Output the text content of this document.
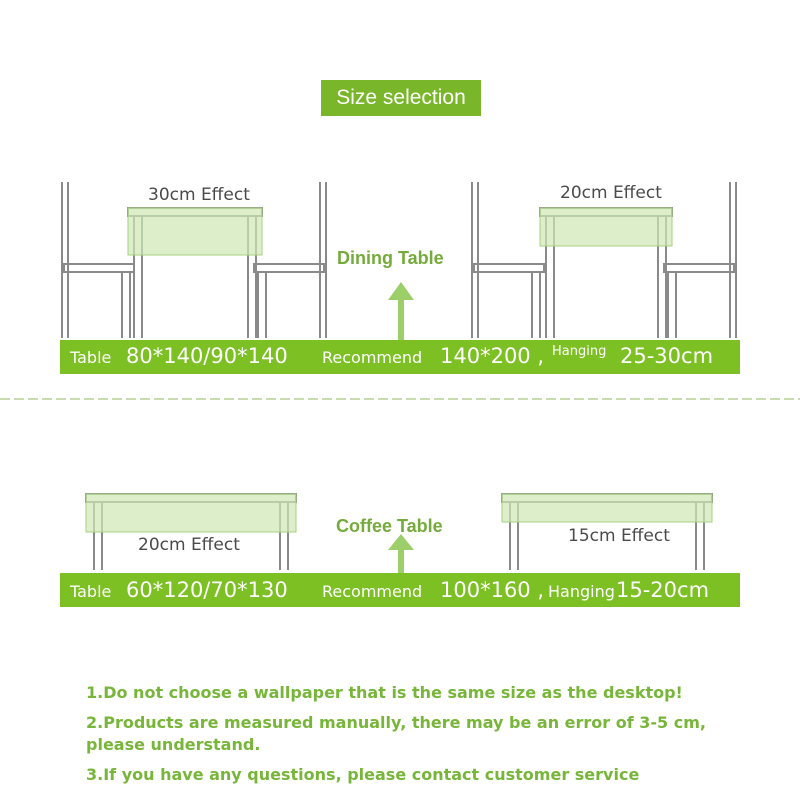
Size selection
30cm Effect	20cm Effect
Dining Table
Table 80*140/90*140 Recommend 140*200 , Hanging 25-30cm
20cm Effect	15cm Effect
Coffee Table
Table 60*120/70*130 Recommend 100*160 , Hanging 15-20cm
1.Do not choose a wallpaper that is the same size as the desktop!
2.Products are measured manually, there may be an error of 3-5 cm,
please understand.
3.If you have any questions, please contact customer service
